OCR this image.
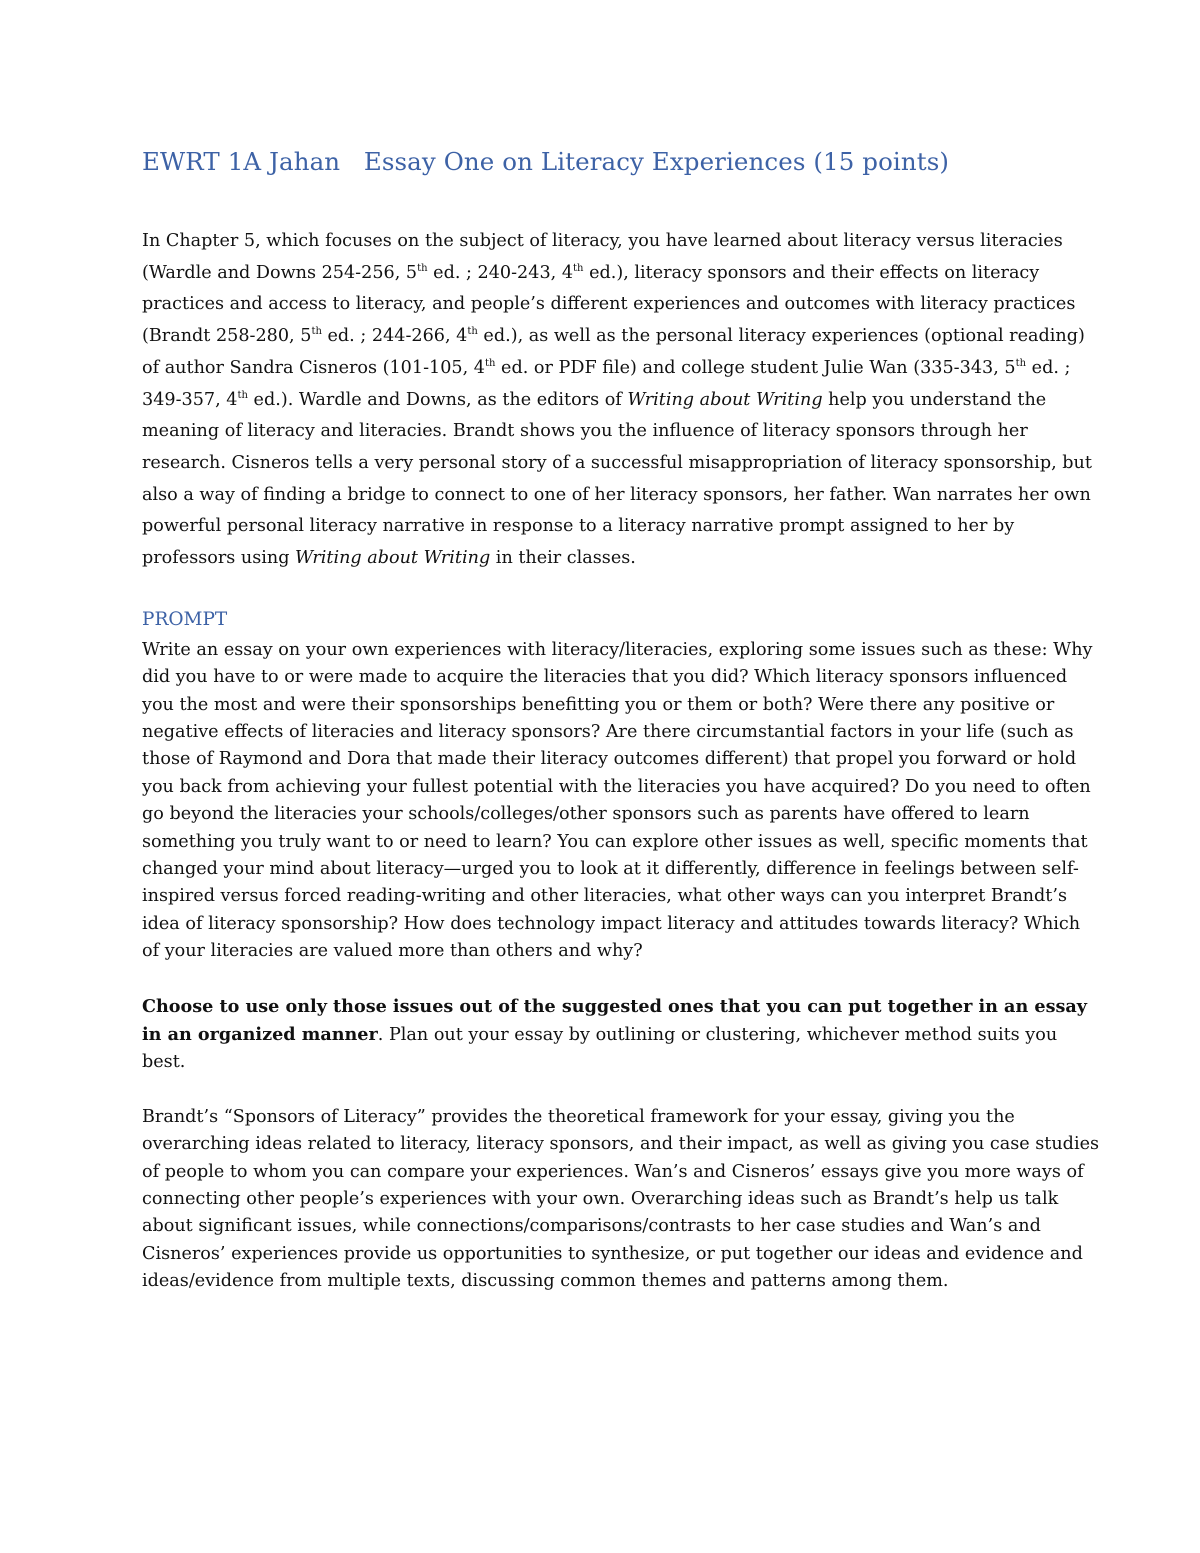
EWRT 1A Jahan   Essay One on Literacy Experiences (15 points)

In Chapter 5, which focuses on the subject of literacy, you have learned about literacy versus literacies (Wardle and Downs 254-256, 5th ed. ; 240-243, 4th ed.), literacy sponsors and their effects on literacy practices and access to literacy, and people’s different experiences and outcomes with literacy practices (Brandt 258-280, 5th ed. ; 244-266, 4th ed.), as well as the personal literacy experiences (optional reading) of author Sandra Cisneros (101-105, 4th ed. or PDF file) and college student Julie Wan (335-343, 5th ed. ; 349-357, 4th ed.). Wardle and Downs, as the editors of Writing about Writing help you understand the meaning of literacy and literacies. Brandt shows you the influence of literacy sponsors through her research. Cisneros tells a very personal story of a successful misappropriation of literacy sponsorship, but also a way of finding a bridge to connect to one of her literacy sponsors, her father. Wan narrates her own powerful personal literacy narrative in response to a literacy narrative prompt assigned to her by professors using Writing about Writing in their classes.

PROMPT

Write an essay on your own experiences with literacy/literacies, exploring some issues such as these: Why did you have to or were made to acquire the literacies that you did? Which literacy sponsors influenced you the most and were their sponsorships benefitting you or them or both? Were there any positive or negative effects of literacies and literacy sponsors? Are there circumstantial factors in your life (such as those of Raymond and Dora that made their literacy outcomes different) that propel you forward or hold you back from achieving your fullest potential with the literacies you have acquired? Do you need to often go beyond the literacies your schools/colleges/other sponsors such as parents have offered to learn something you truly want to or need to learn? You can explore other issues as well, specific moments that changed your mind about literacy—urged you to look at it differently, difference in feelings between self-inspired versus forced reading-writing and other literacies, what other ways can you interpret Brandt’s idea of literacy sponsorship? How does technology impact literacy and attitudes towards literacy? Which of your literacies are valued more than others and why?

Choose to use only those issues out of the suggested ones that you can put together in an essay in an organized manner. Plan out your essay by outlining or clustering, whichever method suits you best.

Brandt’s “Sponsors of Literacy” provides the theoretical framework for your essay, giving you the overarching ideas related to literacy, literacy sponsors, and their impact, as well as giving you case studies of people to whom you can compare your experiences. Wan’s and Cisneros’ essays give you more ways of connecting other people’s experiences with your own. Overarching ideas such as Brandt’s help us talk about significant issues, while connections/comparisons/contrasts to her case studies and Wan’s and Cisneros’ experiences provide us opportunities to synthesize, or put together our ideas and evidence and ideas/evidence from multiple texts, discussing common themes and patterns among them.
